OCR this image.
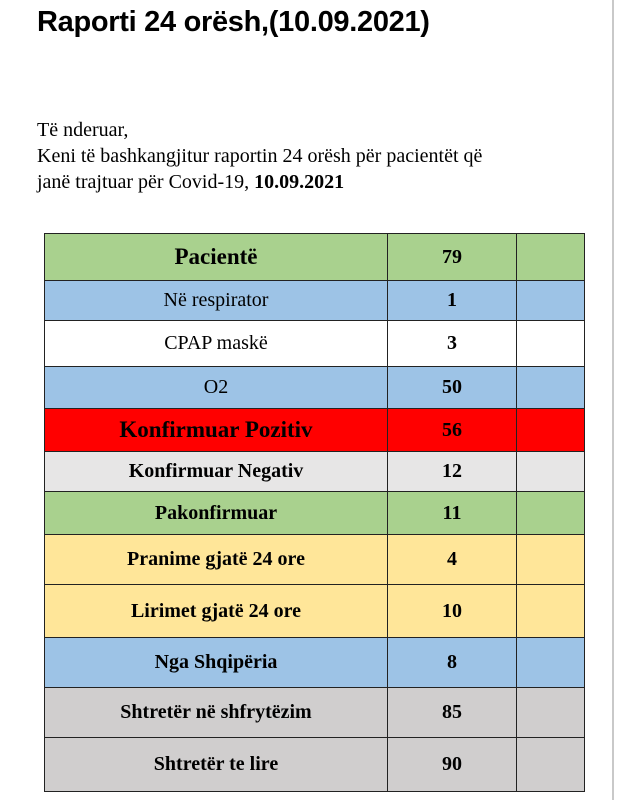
Raporti 24 orësh,(10.09.2021)

Të nderuar,

Keni të bashkangjitur raportin 24 orësh për pacientët që

janë trajtuar për Covid-19, 10.09.2021

Pacientë	79	
Në respirator	1	
CPAP maskë	3	
O2	50	
Konfirmuar Pozitiv	56	
Konfirmuar Negativ	12	
Pakonfirmuar	11	
Pranime gjatë 24 ore	4	
Lirimet gjatë 24 ore	10	
Nga Shqipëria	8	
Shtretër në shfrytëzim	85	
Shtretër te lire	90	
